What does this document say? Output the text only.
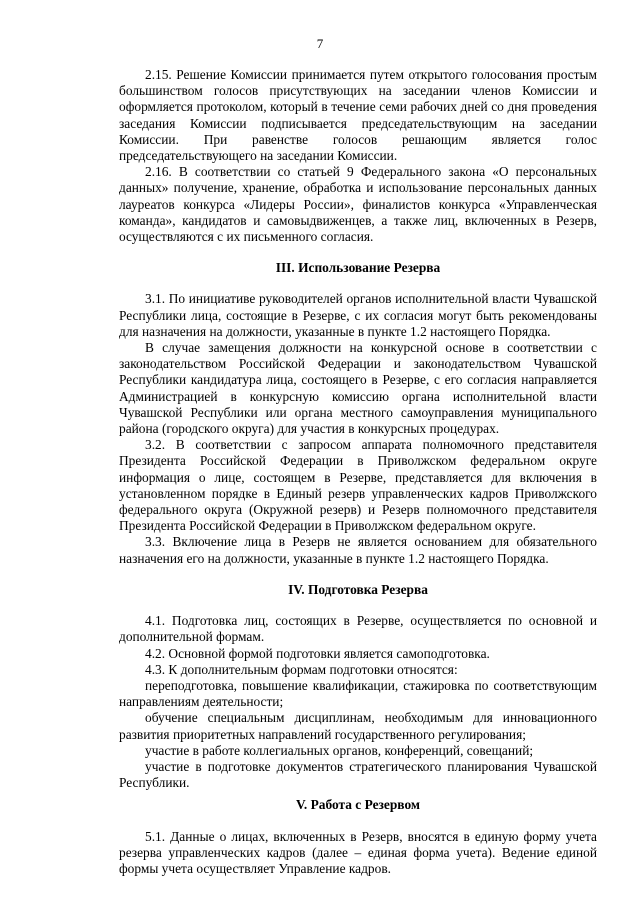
7

2.15. Решение Комиссии принимается путем открытого голосования простым большинством голосов присутствующих на заседании членов Комиссии и оформляется протоколом, который в течение семи рабочих дней со дня проведения заседания Комиссии подписывается председательствующим на заседании Комиссии. При равенстве голосов решающим является голос председательствующего на заседании Комиссии.

2.16. В соответствии со статьей 9 Федерального закона «О персональных данных» получение, хранение, обработка и использование персональных данных лауреатов конкурса «Лидеры России», финалистов конкурса «Управленческая команда», кандидатов и самовыдвиженцев, а также лиц, включенных в Резерв, осуществляются с их письменного согласия.

III. Использование Резерва

3.1. По инициативе руководителей органов исполнительной власти Чувашской Республики лица, состоящие в Резерве, с их согласия могут быть рекомендованы для назначения на должности, указанные в пункте 1.2 настоящего Порядка.

В случае замещения должности на конкурсной основе в соответствии с законодательством Российской Федерации и законодательством Чувашской Республики кандидатура лица, состоящего в Резерве, с его согласия направляется Администрацией в конкурсную комиссию органа исполнительной власти Чувашской Республики или органа местного самоуправления муниципального района (городского округа) для участия в конкурсных процедурах.

3.2. В соответствии с запросом аппарата полномочного представителя Президента Российской Федерации в Приволжском федеральном округе информация о лице, состоящем в Резерве, представляется для включения в установленном порядке в Единый резерв управленческих кадров Приволжского федерального округа (Окружной резерв) и Резерв полномочного представителя Президента Российской Федерации в Приволжском федеральном округе.

3.3. Включение лица в Резерв не является основанием для обязательного назначения его на должности, указанные в пункте 1.2 настоящего Порядка.

IV. Подготовка Резерва

4.1. Подготовка лиц, состоящих в Резерве, осуществляется по основной и дополнительной формам.

4.2. Основной формой подготовки является самоподготовка.

4.3. К дополнительным формам подготовки относятся:

переподготовка, повышение квалификации, стажировка по соответствующим направлениям деятельности;

обучение специальным дисциплинам, необходимым для инновационного развития приоритетных направлений государственного регулирования;

участие в работе коллегиальных органов, конференций, совещаний;

участие в подготовке документов стратегического планирования Чувашской Республики.

V. Работа с Резервом

5.1. Данные о лицах, включенных в Резерв, вносятся в единую форму учета резерва управленческих кадров (далее – единая форма учета). Ведение единой формы учета осуществляет Управление кадров.
